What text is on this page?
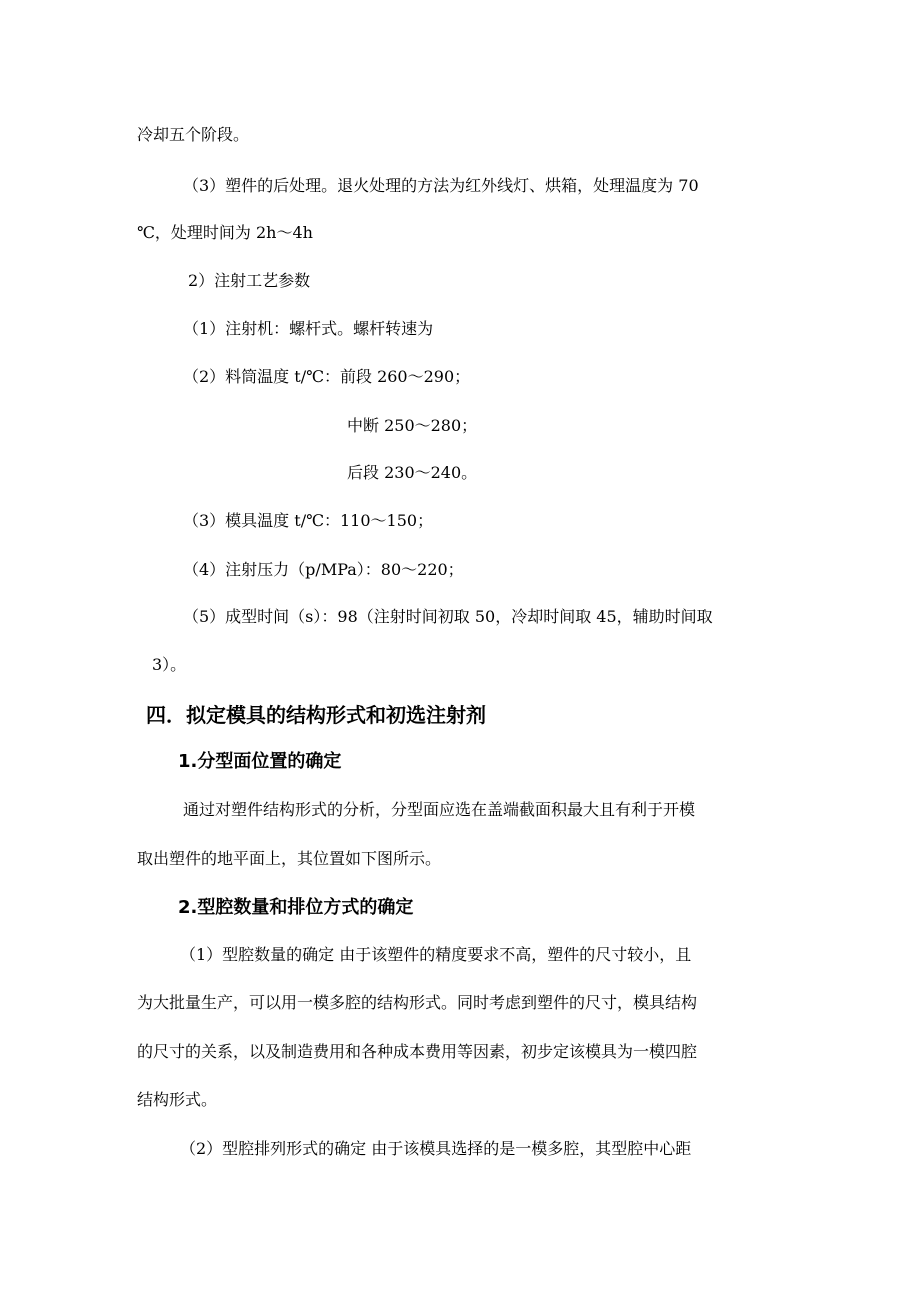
冷却五个阶段。
（3）塑件的后处理。退火处理的方法为红外线灯、烘箱，处理温度为 70
℃，处理时间为 2h～4h
2）注射工艺参数
（1）注射机：螺杆式。螺杆转速为
（2）料筒温度 t/℃：前段 260～290；
中断 250～280；
后段 230～240。
（3）模具温度 t/℃：110～150；
（4）注射压力（p/MPa）：80～220；
（5）成型时间（s）：98（注射时间初取 50，冷却时间取 45，辅助时间取
3）。
四．拟定模具的结构形式和初选注射剂
1.分型面位置的确定
通过对塑件结构形式的分析，分型面应选在盖端截面积最大且有利于开模
取出塑件的地平面上，其位置如下图所示。
2.型腔数量和排位方式的确定
（1）型腔数量的确定 由于该塑件的精度要求不高，塑件的尺寸较小，且
为大批量生产，可以用一模多腔的结构形式。同时考虑到塑件的尺寸，模具结构
的尺寸的关系，以及制造费用和各种成本费用等因素，初步定该模具为一模四腔
结构形式。
（2）型腔排列形式的确定 由于该模具选择的是一模多腔，其型腔中心距
